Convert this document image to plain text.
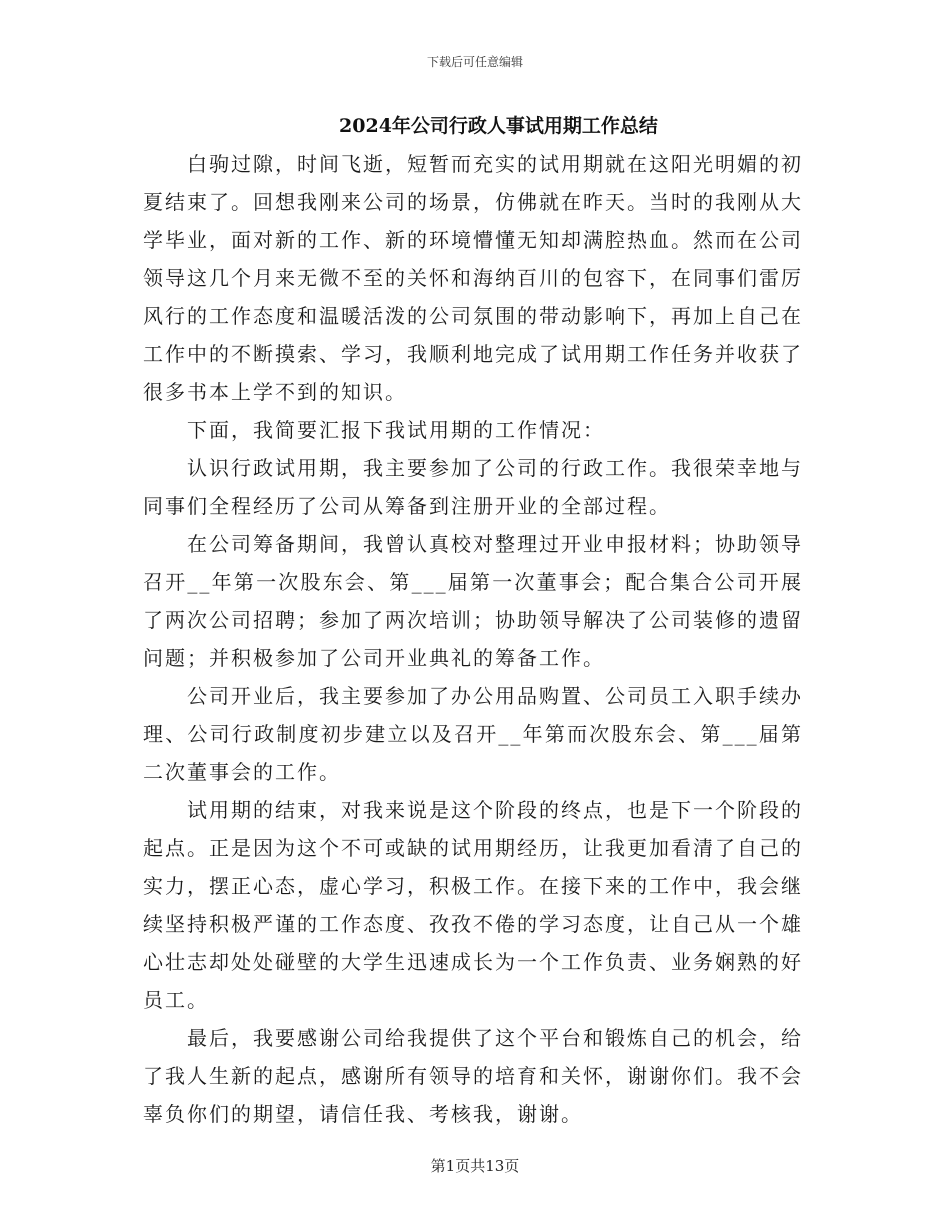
下载后可任意编辑
2024年公司行政人事试用期工作总结

白驹过隙，时间飞逝，短暂而充实的试用期就在这阳光明媚的初夏结束了。回想我刚来公司的场景，仿佛就在昨天。当时的我刚从大学毕业，面对新的工作、新的环境懵懂无知却满腔热血。然而在公司领导这几个月来无微不至的关怀和海纳百川的包容下，在同事们雷厉风行的工作态度和温暖活泼的公司氛围的带动影响下，再加上自己在工作中的不断摸索、学习，我顺利地完成了试用期工作任务并收获了很多书本上学不到的知识。

下面，我简要汇报下我试用期的工作情况：

认识行政试用期，我主要参加了公司的行政工作。我很荣幸地与同事们全程经历了公司从筹备到注册开业的全部过程。

在公司筹备期间，我曾认真校对整理过开业申报材料；协助领导召开__年第一次股东会、第___届第一次董事会；配合集合公司开展了两次公司招聘；参加了两次培训；协助领导解决了公司装修的遗留问题；并积极参加了公司开业典礼的筹备工作。

公司开业后，我主要参加了办公用品购置、公司员工入职手续办理、公司行政制度初步建立以及召开__年第而次股东会、第___届第二次董事会的工作。

试用期的结束，对我来说是这个阶段的终点，也是下一个阶段的起点。正是因为这个不可或缺的试用期经历，让我更加看清了自己的实力，摆正心态，虚心学习，积极工作。在接下来的工作中，我会继续坚持积极严谨的工作态度、孜孜不倦的学习态度，让自己从一个雄心壮志却处处碰壁的大学生迅速成长为一个工作负责、业务娴熟的好员工。

最后，我要感谢公司给我提供了这个平台和锻炼自己的机会，给了我人生新的起点，感谢所有领导的培育和关怀，谢谢你们。我不会辜负你们的期望，请信任我、考核我，谢谢。

第1页共13页
